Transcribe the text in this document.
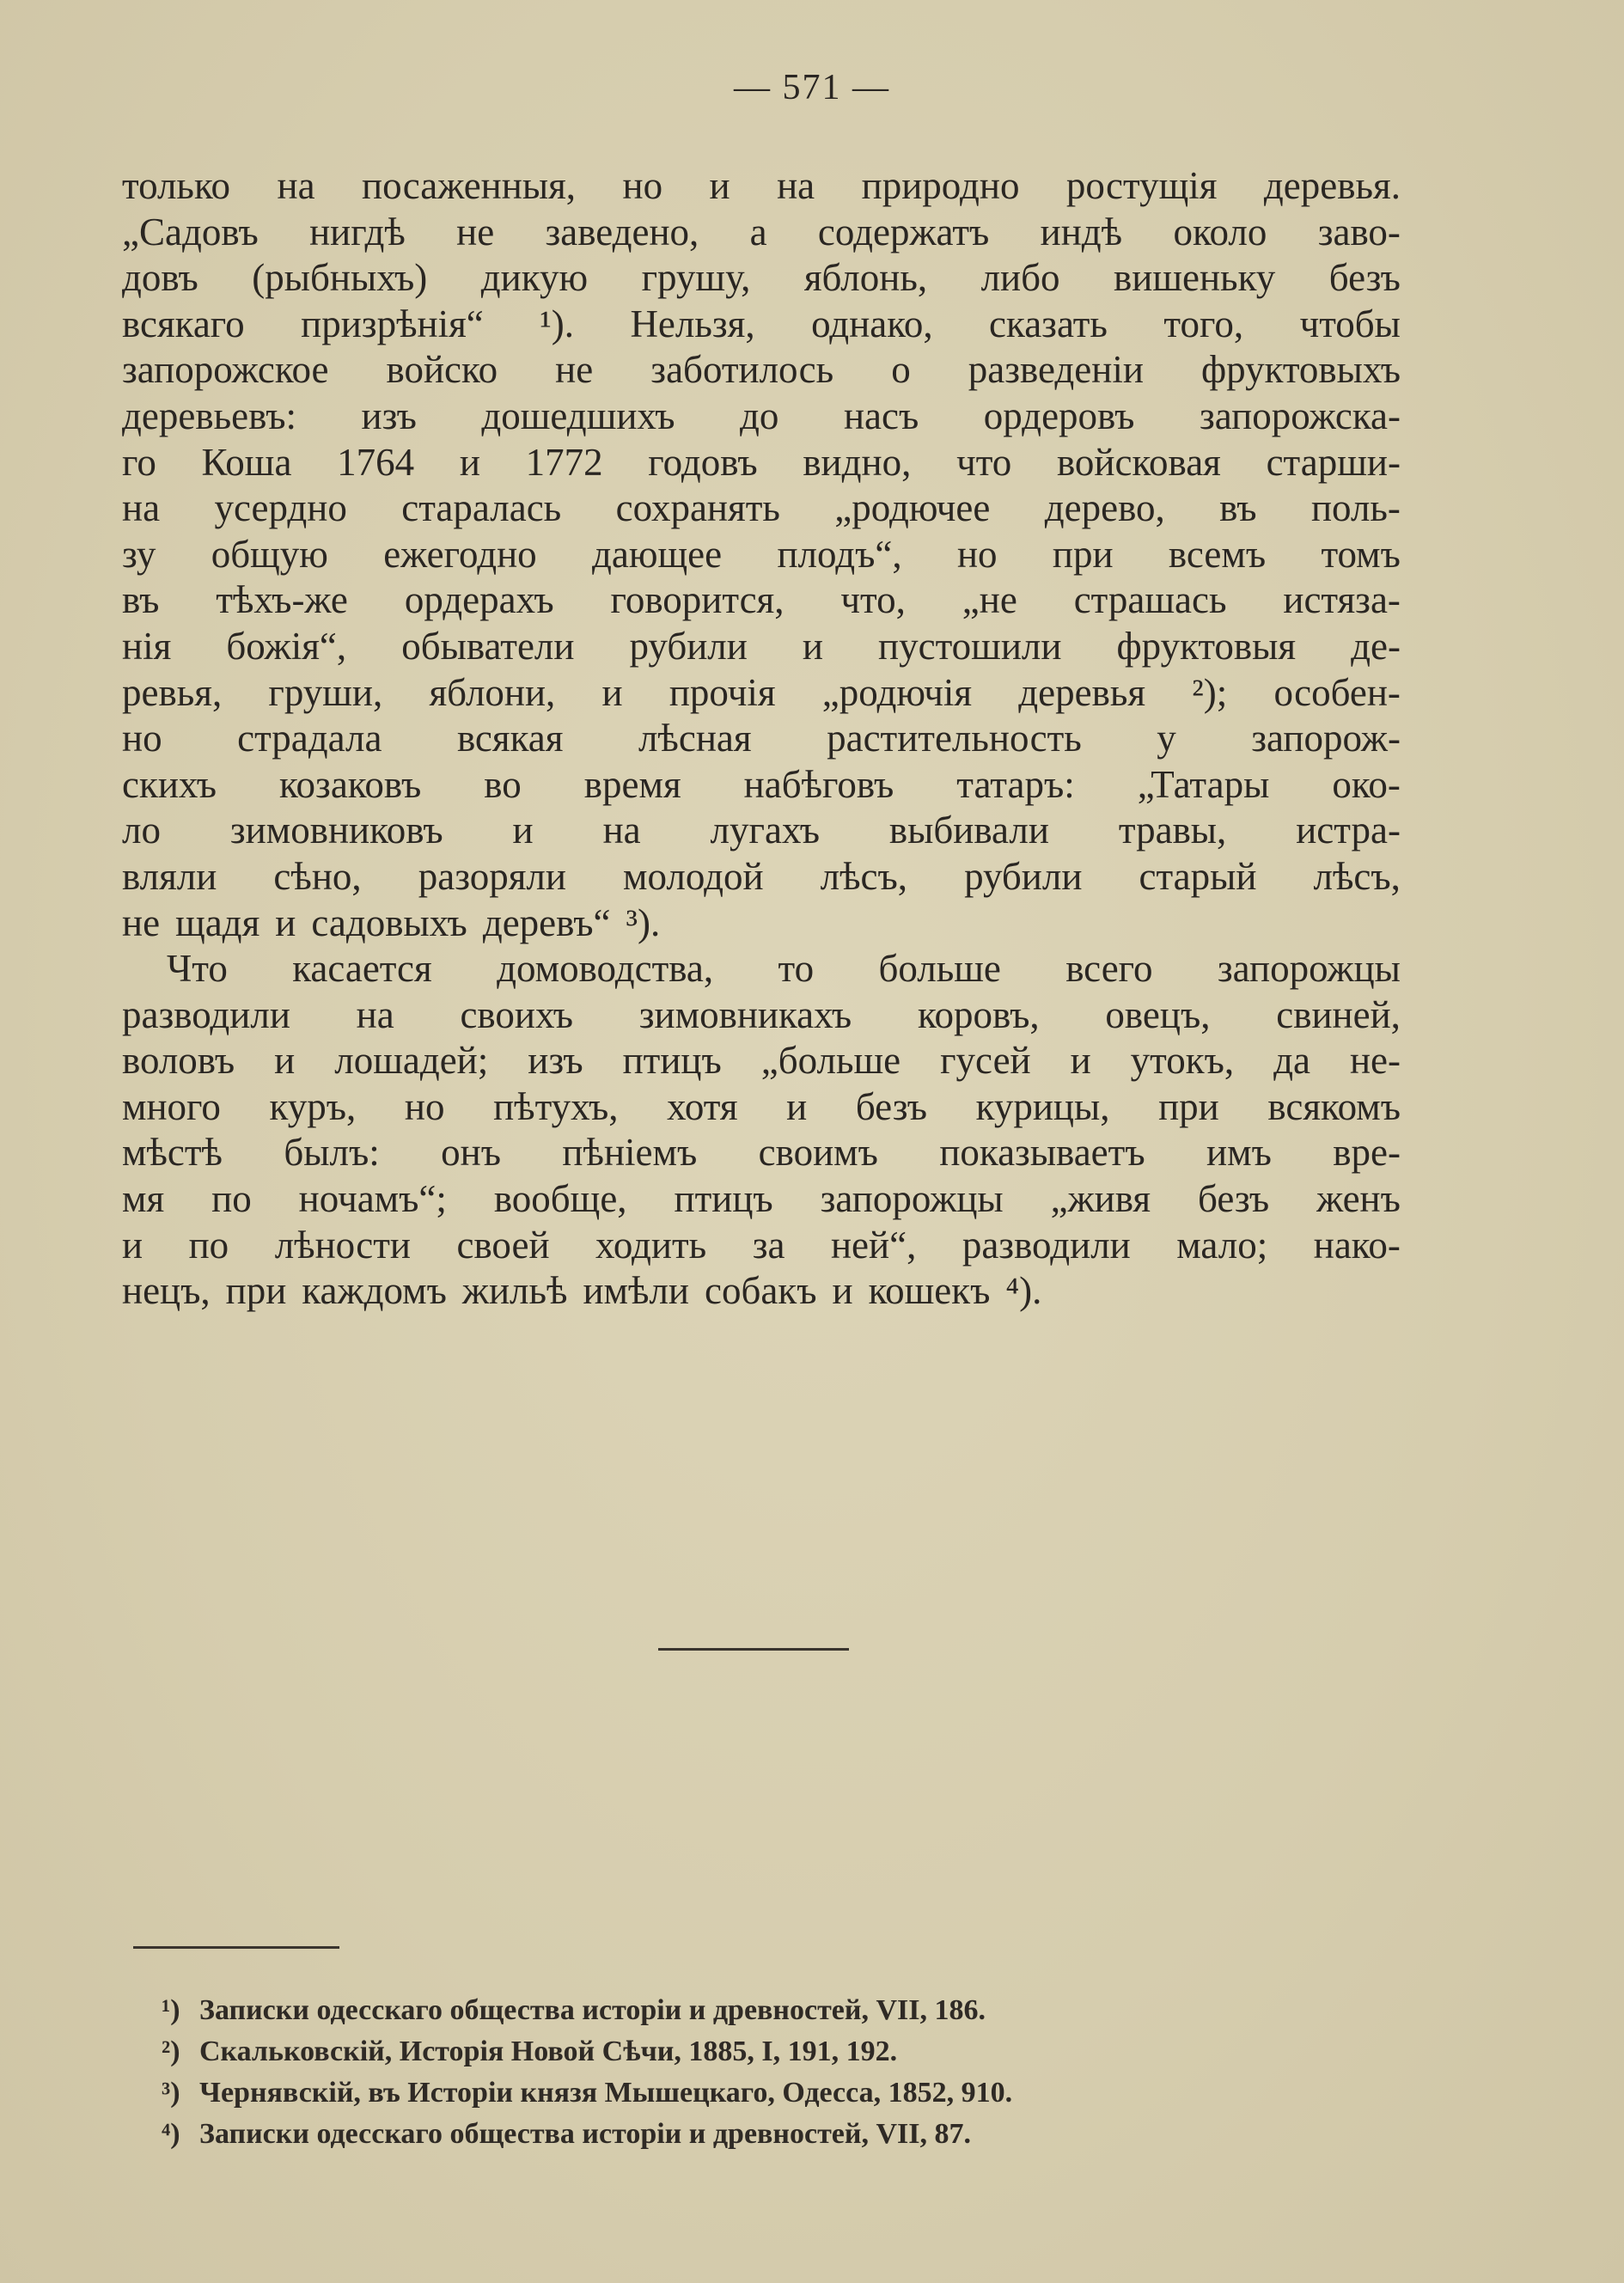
— 571 —
только на посаженныя, но и на природно ростущія деревья.
„Садовъ нигдѣ не заведено, а содержатъ индѣ около заво-
довъ (рыбныхъ) дикую грушу, яблонь, либо вишеньку безъ
всякаго призрѣнія“ ¹). Нельзя, однако, сказать того, чтобы
запорожское войско не заботилось о разведеніи фруктовыхъ
деревьевъ: изъ дошедшихъ до насъ ордеровъ запорожска-
го Коша 1764 и 1772 годовъ видно, что войсковая старши-
на усердно старалась сохранять „родючее дерево, въ поль-
зу общую ежегодно дающее плодъ“, но при всемъ томъ
въ тѣхъ-же ордерахъ говорится, что, „не страшась истяза-
нія божія“, обыватели рубили и пустошили фруктовыя де-
ревья, груши, яблони, и прочія „родючія деревья ²); особен-
но страдала всякая лѣсная растительность у запорож-
скихъ козаковъ во время набѣговъ татаръ: „Татары око-
ло зимовниковъ и на лугахъ выбивали травы, истра-
вляли сѣно, разоряли молодой лѣсъ, рубили старый лѣсъ,
не щадя и садовыхъ деревъ“ ³).
Что касается домоводства, то больше всего запорожцы
разводили на своихъ зимовникахъ коровъ, овецъ, свиней,
воловъ и лошадей; изъ птицъ „больше гусей и утокъ, да не-
много куръ, но пѣтухъ, хотя и безъ курицы, при всякомъ
мѣстѣ былъ: онъ пѣніемъ своимъ показываетъ имъ вре-
мя по ночамъ“; вообще, птицъ запорожцы „живя безъ женъ
и по лѣности своей ходить за ней“, разводили мало; нако-
нецъ, при каждомъ жильѣ имѣли собакъ и кошекъ ⁴).
¹) Записки одесскаго общества исторіи и древностей, VII, 186.
²) Скальковскій, Исторія Новой Сѣчи, 1885, I, 191, 192.
³) Чернявскій, въ Исторіи князя Мышецкаго, Одесса, 1852, 910.
⁴) Записки одесскаго общества исторіи и древностей, VII, 87.
